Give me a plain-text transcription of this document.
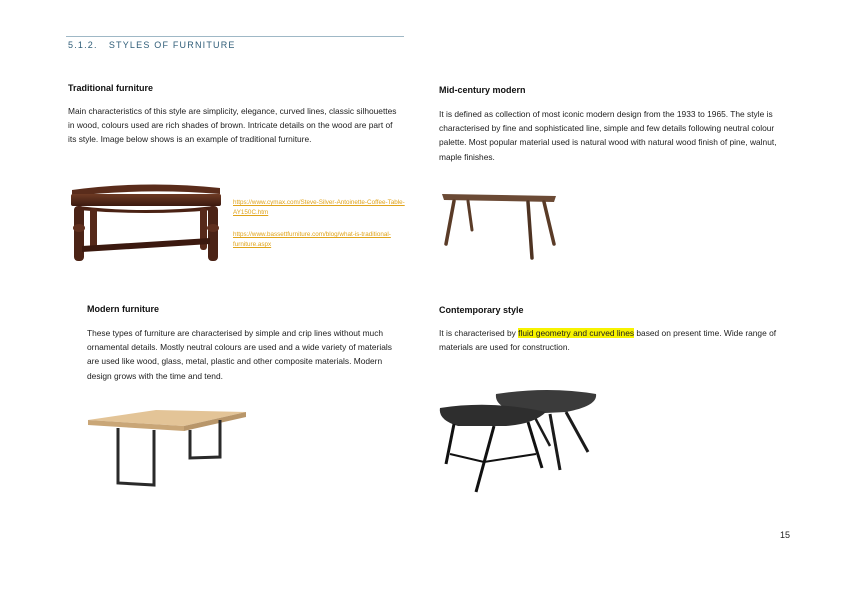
5.1.2. STYLES OF FURNITURE
Traditional furniture
Main characteristics of this style are simplicity, elegance, curved lines, classic silhouettes in wood, colours used are rich shades of brown. Intricate details on the wood are part of its style. Image below shows is an example of traditional furniture.
https://www.cymax.com/Steve-Silver-Antoinette-Coffee-Table-AY150C.htm
https://www.bassettfurniture.com/blog/what-is-traditional-furniture.aspx
Mid-century modern
It is defined as collection of most iconic modern design from the 1933 to 1965. The style is characterised by fine and sophisticated line, simple and few details following neutral colour palette. Most popular material used is natural wood with natural wood finish of pine, walnut, maple finishes.
Modern furniture
These types of furniture are characterised by simple and crip lines without much ornamental details. Mostly neutral colours are used and a wide variety of materials are used like wood, glass, metal, plastic and other composite materials. Modern design grows with the time and tend.
Contemporary style
It is characterised by fluid geometry and curved lines based on present time. Wide range of materials are used for construction.
15
